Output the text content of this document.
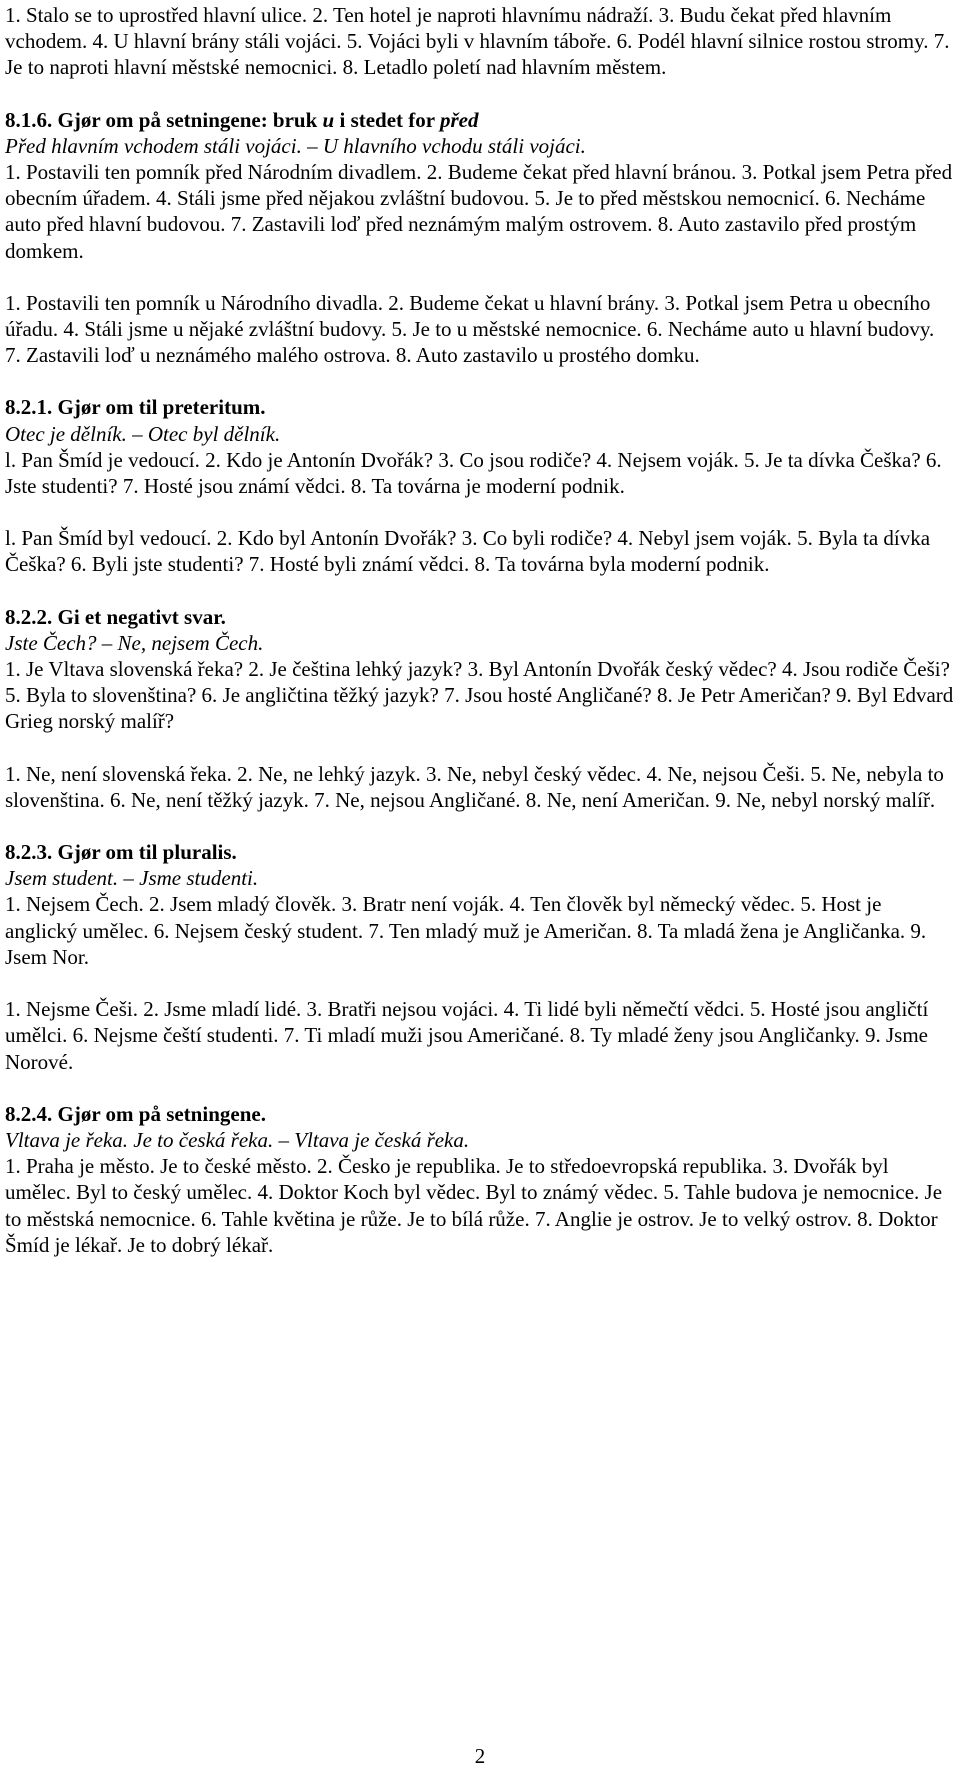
1. Stalo se to uprostřed hlavní ulice. 2. Ten hotel je naproti hlavnímu nádraží. 3. Budu čekat před hlavním vchodem. 4. U hlavní brány stáli vojáci. 5. Vojáci byli v hlavním táboře. 6. Podél hlavní silnice rostou stromy. 7. Je to naproti hlavní městské nemocnici. 8. Letadlo poletí nad hlavním městem.

8.1.6. Gjør om på setningene: bruk u i stedet for před

Před hlavním vchodem stáli vojáci. – U hlavního vchodu stáli vojáci.

1. Postavili ten pomník před Národním divadlem. 2. Budeme čekat před hlavní bránou. 3. Potkal jsem Petra před obecním úřadem. 4. Stáli jsme před nějakou zvláštní budovou. 5. Je to před městskou nemocnicí. 6. Necháme auto před hlavní budovou. 7. Zastavili loď před neznámým malým ostrovem. 8. Auto zastavilo před prostým domkem.

1. Postavili ten pomník u Národního divadla. 2. Budeme čekat u hlavní brány. 3. Potkal jsem Petra u obecního úřadu. 4. Stáli jsme u nějaké zvláštní budovy. 5. Je to u městské nemocnice. 6. Necháme auto u hlavní budovy. 7. Zastavili loď u neznámého malého ostrova. 8. Auto zastavilo u prostého domku.

8.2.1. Gjør om til preteritum.

Otec je dělník. – Otec byl dělník.

l. Pan Šmíd je vedoucí. 2. Kdo je Antonín Dvořák? 3. Co jsou rodiče? 4. Nejsem voják. 5. Je ta dívka Češka? 6. Jste studenti? 7. Hosté jsou známí vědci. 8. Ta továrna je moderní podnik.

l. Pan Šmíd byl vedoucí. 2. Kdo byl Antonín Dvořák? 3. Co byli rodiče? 4. Nebyl jsem voják. 5. Byla ta dívka Češka? 6. Byli jste studenti? 7. Hosté byli známí vědci. 8. Ta továrna byla moderní podnik.

8.2.2. Gi et negativt svar.

Jste Čech? – Ne, nejsem Čech.

1. Je Vltava slovenská řeka? 2. Je čeština lehký jazyk? 3. Byl Antonín Dvořák český vědec? 4. Jsou rodiče Češi? 5. Byla to slovenština? 6. Je angličtina těžký jazyk? 7. Jsou hosté Angličané? 8. Je Petr Američan? 9. Byl Edvard Grieg norský malíř?

1. Ne, není slovenská řeka. 2. Ne, ne lehký jazyk. 3. Ne, nebyl český vědec. 4. Ne, nejsou Češi. 5. Ne, nebyla to slovenština. 6. Ne, není těžký jazyk. 7. Ne, nejsou Angličané. 8. Ne, není Američan. 9. Ne, nebyl norský malíř.

8.2.3. Gjør om til pluralis.

Jsem student. – Jsme studenti.

1. Nejsem Čech. 2. Jsem mladý člověk. 3. Bratr není voják. 4. Ten člověk byl německý vědec. 5. Host je anglický umělec. 6. Nejsem český student. 7. Ten mladý muž je Američan. 8. Ta mladá žena je Angličanka. 9. Jsem Nor.

1. Nejsme Češi. 2. Jsme mladí lidé. 3. Bratři nejsou vojáci. 4. Ti lidé byli němečtí vědci. 5. Hosté jsou angličtí umělci. 6. Nejsme čeští studenti. 7. Ti mladí muži jsou Američané. 8. Ty mladé ženy jsou Angličanky. 9. Jsme Norové.

8.2.4. Gjør om på setningene.

Vltava je řeka. Je to česká řeka. – Vltava je česká řeka.

1. Praha je město. Je to české město. 2. Česko je republika. Je to středoevropská republika. 3. Dvořák byl umělec. Byl to český umělec. 4. Doktor Koch byl vědec. Byl to známý vědec. 5. Tahle budova je nemocnice. Je to městská nemocnice. 6. Tahle květina je růže. Je to bílá růže. 7. Anglie je ostrov. Je to velký ostrov. 8. Doktor Šmíd je lékař. Je to dobrý lékař.

2
